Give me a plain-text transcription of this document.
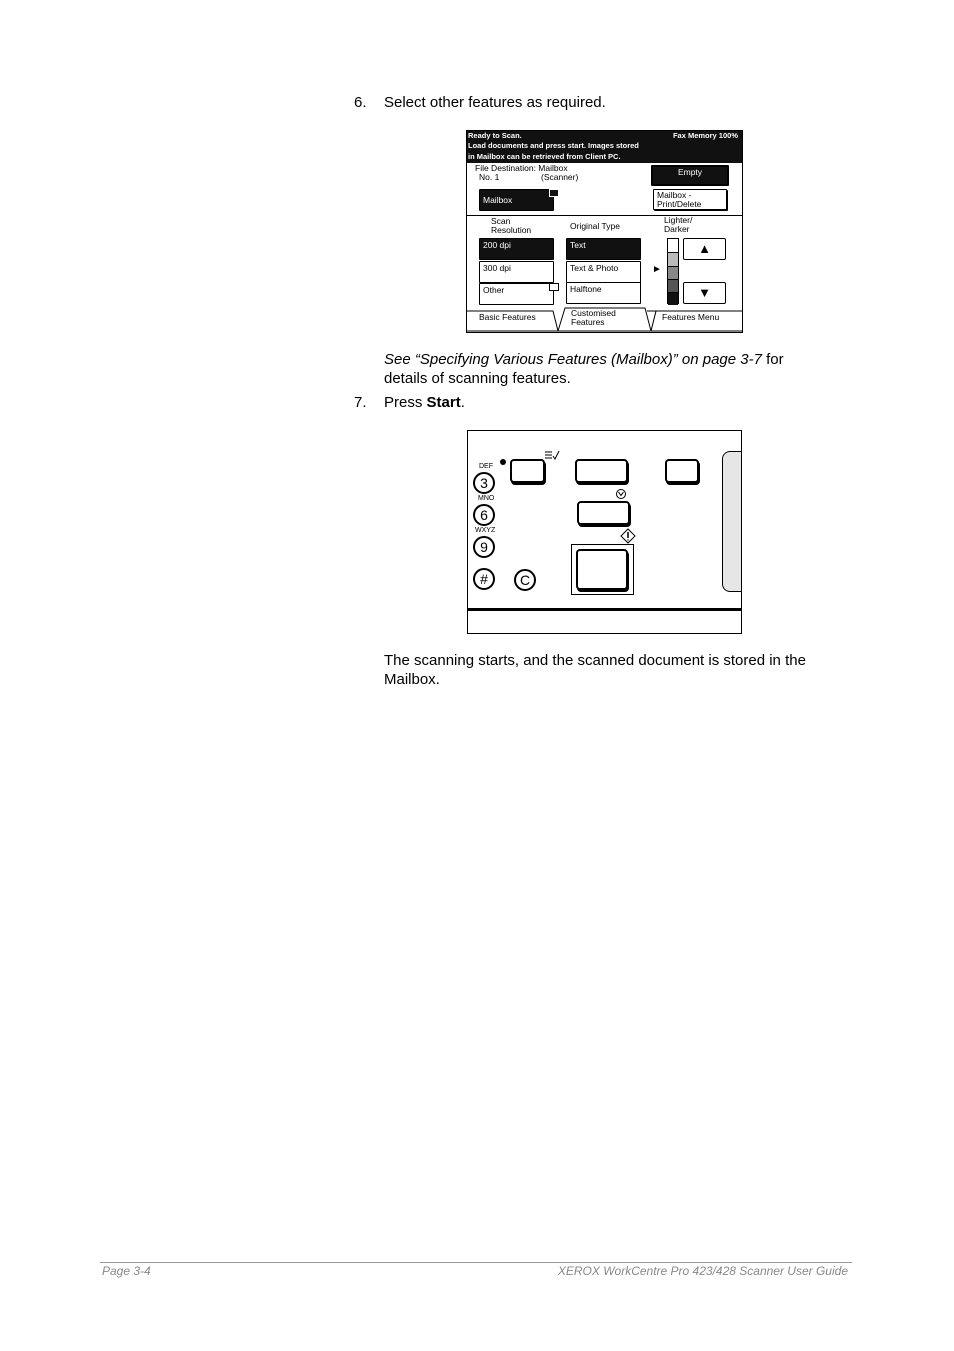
6. Select other features as required.
Ready to Scan.	Fax Memory 100%
Load documents and press start. Images stored
in Mailbox can be retrieved from Client PC.
File Destination: Mailbox
No. 1	(Scanner)	Empty
Mailbox	Mailbox -
Print/Delete
Scan
Resolution	Original Type
Lighter/
Darker
200 dpi
300 dpi
Other
Text
Text & Photo
Halftone
►
▲
▼
Basic Features	Customised
Features	Features Menu
See “Specifying Various Features (Mailbox)” on page 3-7 for
details of scanning features.
7. Press Start.
DEF
3
MNO
6
WXYZ
9
#	C
The scanning starts, and the scanned document is stored in the
Mailbox.
Page 3-4	XEROX WorkCentre Pro 423/428 Scanner User Guide
